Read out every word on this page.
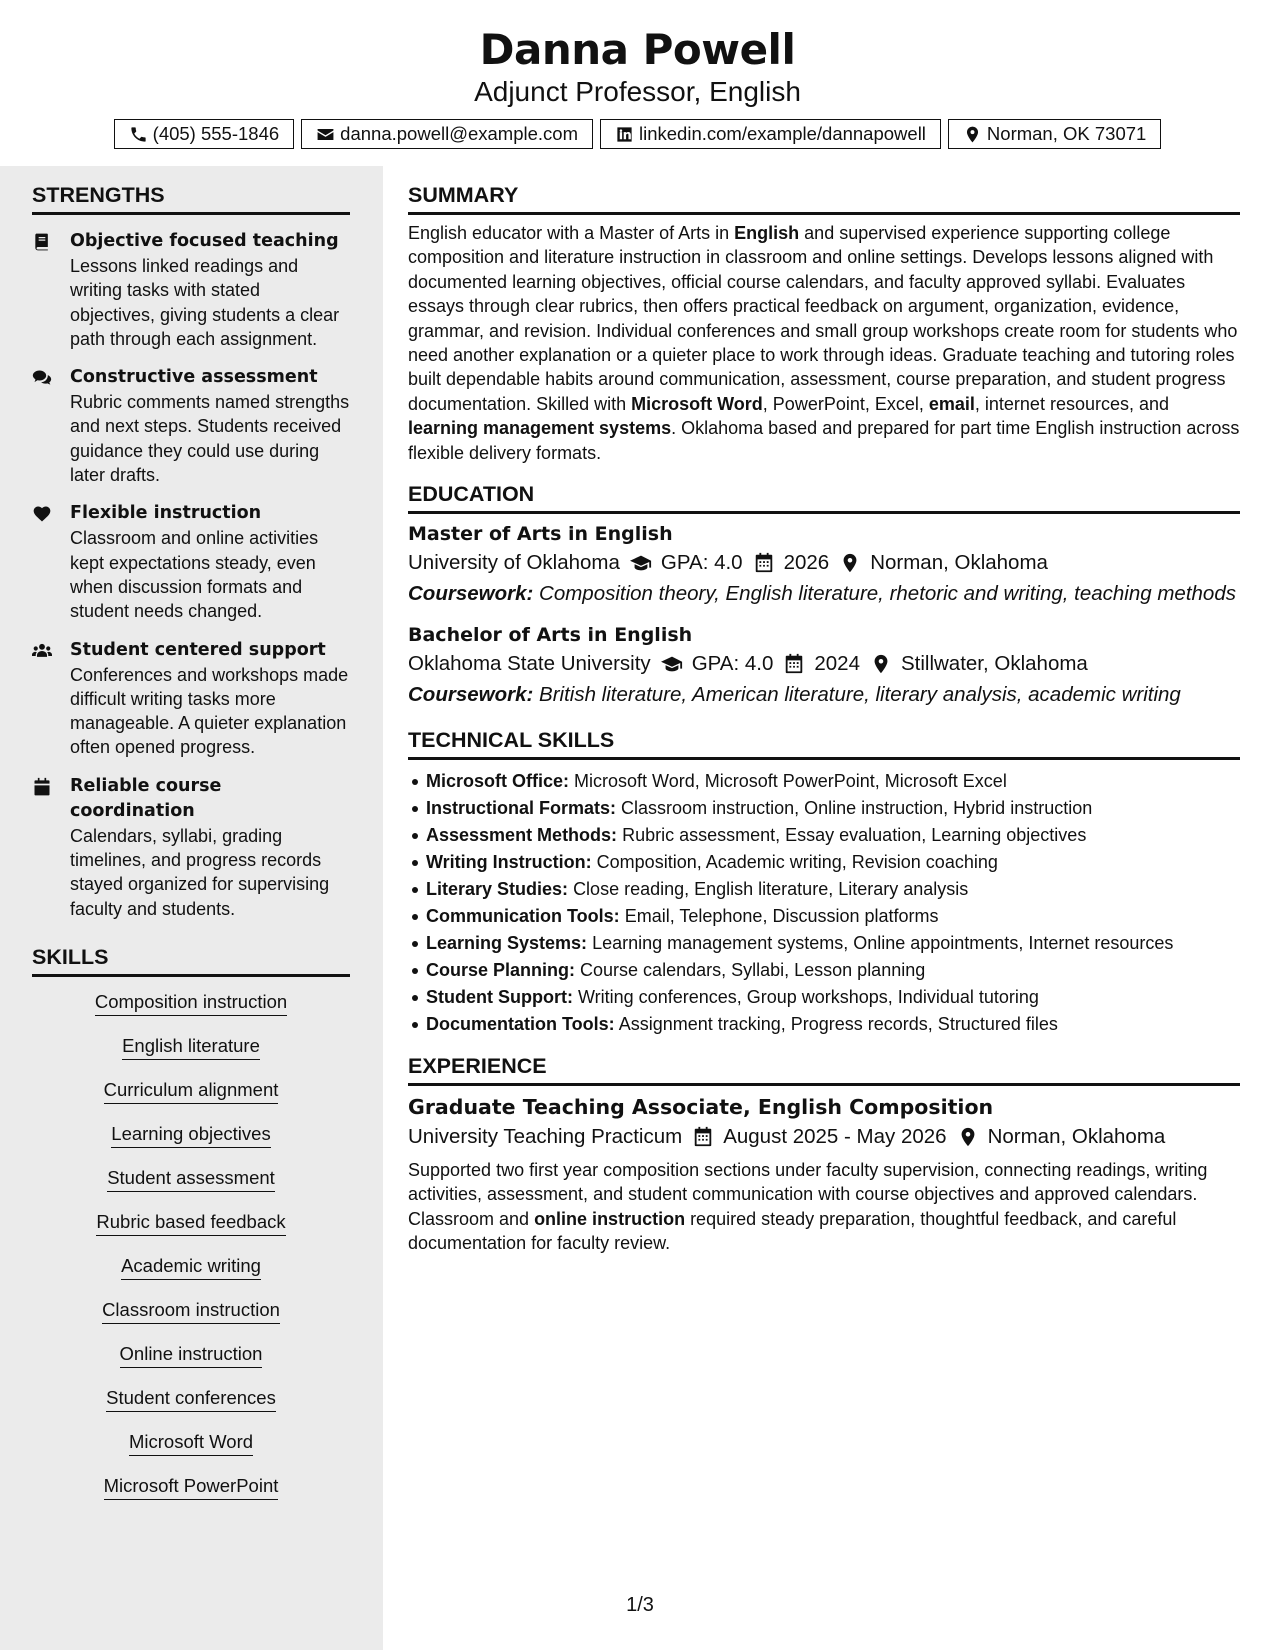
Danna Powell
Adjunct Professor, English
(405) 555-1846	danna.powell@example.com	linkedin.com/example/dannapowell	Norman, OK 73071
STRENGTHS
Objective focused teaching
Lessons linked readings and writing tasks with stated objectives, giving students a clear path through each assignment.
Constructive assessment
Rubric comments named strengths and next steps. Students received guidance they could use during later drafts.
Flexible instruction
Classroom and online activities kept expectations steady, even when discussion formats and student needs changed.
Student centered support
Conferences and workshops made difficult writing tasks more manageable. A quieter explanation often opened progress.
Reliable course coordination
Calendars, syllabi, grading timelines, and progress records stayed organized for supervising faculty and students.
SKILLS
Composition instruction
English literature
Curriculum alignment
Learning objectives
Student assessment
Rubric based feedback
Academic writing
Classroom instruction
Online instruction
Student conferences
Microsoft Word
Microsoft PowerPoint
SUMMARY

English educator with a Master of Arts in English and supervised experience supporting college composition and literature instruction in classroom and online settings. Develops lessons aligned with documented learning objectives, official course calendars, and faculty approved syllabi. Evaluates essays through clear rubrics, then offers practical feedback on argument, organization, evidence, grammar, and revision. Individual conferences and small group workshops create room for students who need another explanation or a quieter place to work through ideas. Graduate teaching and tutoring roles built dependable habits around communication, assessment, course preparation, and student progress documentation. Skilled with Microsoft Word, PowerPoint, Excel, email, internet resources, and learning management systems. Oklahoma based and prepared for part time English instruction across flexible delivery formats.

EDUCATION
Master of Arts in English
University of Oklahoma GPA: 4.0 2026 Norman, Oklahoma
Coursework: Composition theory, English literature, rhetoric and writing, teaching methods
Bachelor of Arts in English
Oklahoma State University GPA: 4.0 2024 Stillwater, Oklahoma
Coursework: British literature, American literature, literary analysis, academic writing
TECHNICAL SKILLS
Microsoft Office: Microsoft Word, Microsoft PowerPoint, Microsoft Excel
Instructional Formats: Classroom instruction, Online instruction, Hybrid instruction
Assessment Methods: Rubric assessment, Essay evaluation, Learning objectives
Writing Instruction: Composition, Academic writing, Revision coaching
Literary Studies: Close reading, English literature, Literary analysis
Communication Tools: Email, Telephone, Discussion platforms
Learning Systems: Learning management systems, Online appointments, Internet resources
Course Planning: Course calendars, Syllabi, Lesson planning
Student Support: Writing conferences, Group workshops, Individual tutoring
Documentation Tools: Assignment tracking, Progress records, Structured files
EXPERIENCE
Graduate Teaching Associate, English Composition
University Teaching Practicum August 2025 - May 2026 Norman, Oklahoma

Supported two first year composition sections under faculty supervision, connecting readings, writing activities, assessment, and student communication with course objectives and approved calendars. Classroom and online instruction required steady preparation, thoughtful feedback, and careful documentation for faculty review.

1/3
